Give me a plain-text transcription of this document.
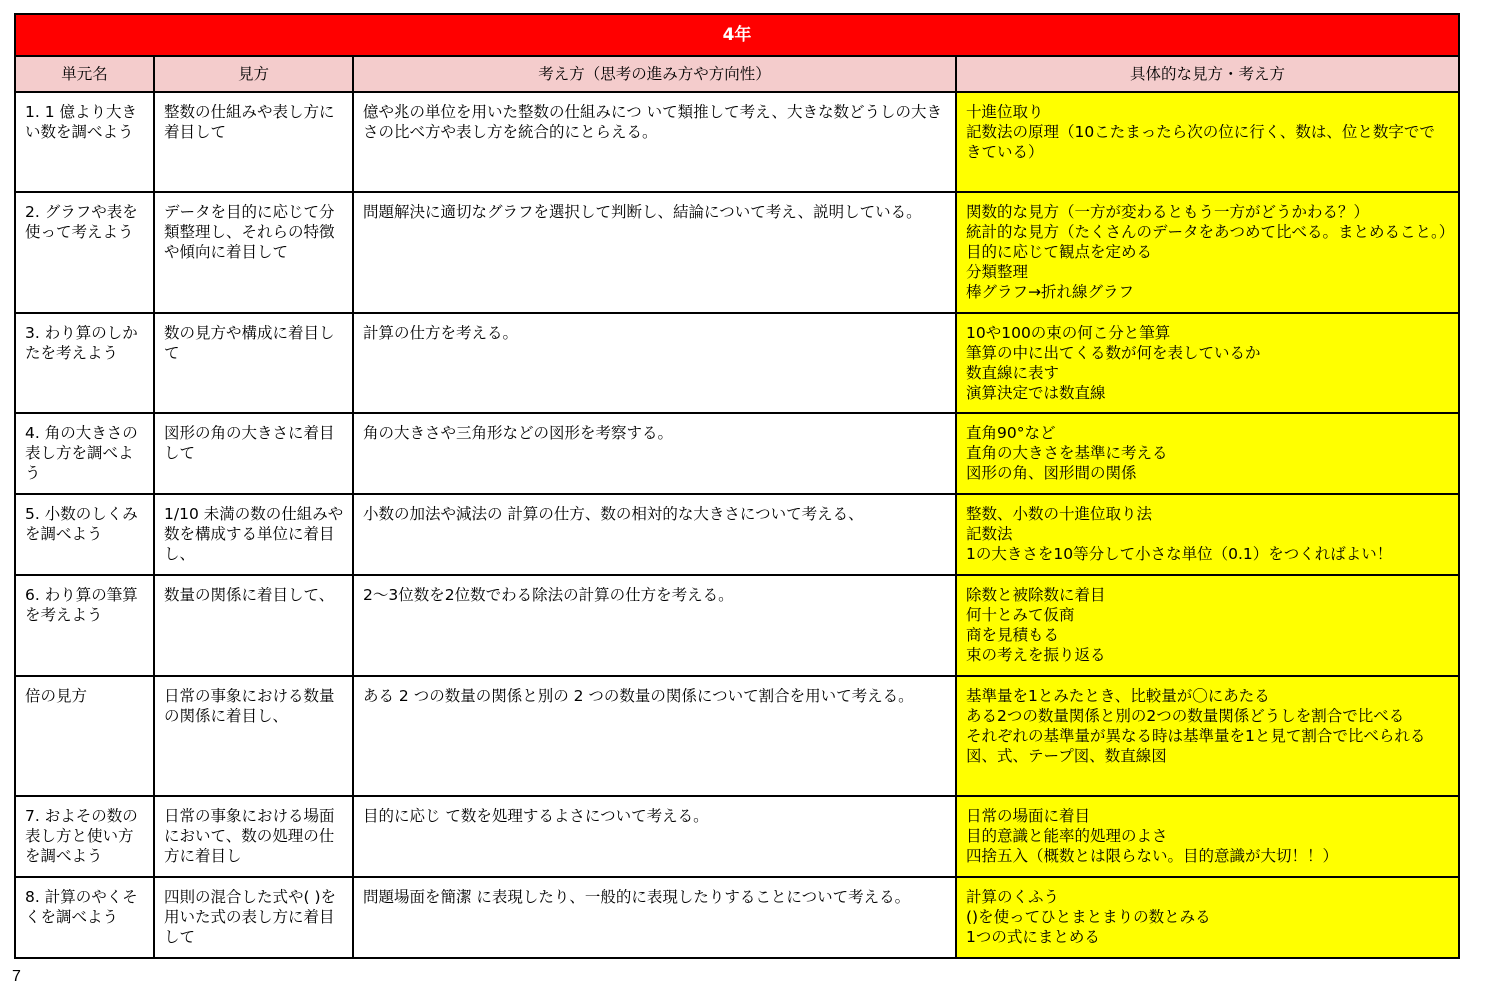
4年			
単元名	見方	考え方（思考の進み方や方向性）	具体的な見方・考え方
1. 1 億より大きい数を調べよう	整数の仕組みや表し方に着目して	億や兆の単位を用いた整数の仕組みにつ いて類推して考え、大きな数どうしの大きさの比べ方や表し方を統合的にとらえる。	十進位取り
記数法の原理（10こたまったら次の位に行く、数は、位と数字でできている）

2. グラフや表を使って考えよう	データを目的に応じて分類整理し、それらの特徴や傾向に着目して	問題解決に適切なグラフを選択して判断し、結論について考え、説明している。	関数的な見方（一方が変わるともう一方がどうかわる？）
統計的な見方（たくさんのデータをあつめて比べる。まとめること。）
目的に応じて観点を定める
分類整理
棒グラフ→折れ線グラフ

3. わり算のしかたを考えよう	数の見方や構成に着目して	計算の仕方を考える。	10や100の束の何こ分と筆算
筆算の中に出てくる数が何を表しているか
数直線に表す
演算決定では数直線

4. 角の大きさの表し方を調べよう	図形の角の大きさに着目して	角の大きさや三角形などの図形を考察する。	直角90°など
直角の大きさを基準に考える
図形の角、図形間の関係

5. 小数のしくみを調べよう	1/10 未満の数の仕組みや数を構成する単位に着目し、	小数の加法や減法の 計算の仕方、数の相対的な大きさについて考える、	整数、小数の十進位取り法
記数法
1の大きさを10等分して小さな単位（0.1）をつくればよい！

6. わり算の筆算を考えよう	数量の関係に着目して、	2～3位数を2位数でわる除法の計算の仕方を考える。	除数と被除数に着目
何十とみて仮商
商を見積もる
束の考えを振り返る

倍の見方	日常の事象における数量の関係に着目し、	ある 2 つの数量の関係と別の 2 つの数量の関係について割合を用いて考える。	基準量を1とみたとき、比較量が〇にあたる
ある2つの数量関係と別の2つの数量関係どうしを割合で比べる
それぞれの基準量が異なる時は基準量を1と見て割合で比べられる
図、式、テープ図、数直線図

7. およその数の表し方と使い方を調べよう	日常の事象における場面において、数の処理の仕方に着目し	目的に応じ て数を処理するよさについて考える。	日常の場面に着目
目的意識と能率的処理のよさ
四捨五入（概数とは限らない。目的意識が大切！！）

8. 計算のやくそくを調べよう	四則の混合した式や( )を用いた式の表し方に着目して	問題場面を簡潔 に表現したり、一般的に表現したりすることについて考える。	計算のくふう
()を使ってひとまとまりの数とみる
1つの式にまとめる
7
